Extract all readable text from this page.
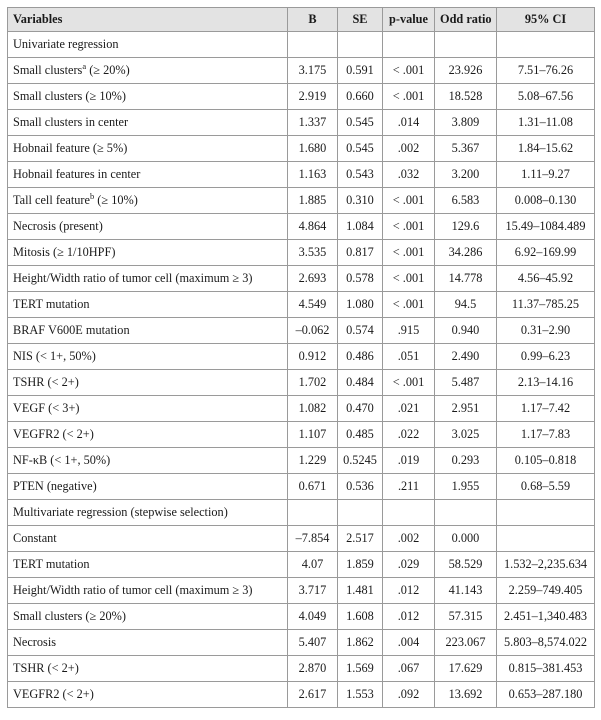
Variables	B	SE	p-value	Odd ratio	95% CI
Univariate regression					
Small clusters$^a$ (≥ 20%)	3.175	0.591	< .001	23.926	7.51–76.26
Small clusters (≥ 10%)	2.919	0.660	< .001	18.528	5.08–67.56
Small clusters in center	1.337	0.545	.014	3.809	1.31–11.08
Hobnail feature (≥ 5%)	1.680	0.545	.002	5.367	1.84–15.62
Hobnail features in center	1.163	0.543	.032	3.200	1.11–9.27
Tall cell feature$^b$ (≥ 10%)	1.885	0.310	< .001	6.583	0.008–0.130
Necrosis (present)	4.864	1.084	< .001	129.6	15.49–1084.489
Mitosis (≥ 1/10HPF)	3.535	0.817	< .001	34.286	6.92–169.99
Height/Width ratio of tumor cell (maximum ≥ 3)	2.693	0.578	< .001	14.778	4.56–45.92
TERT mutation	4.549	1.080	< .001	94.5	11.37–785.25
BRAF V600E mutation	–0.062	0.574	.915	0.940	0.31–2.90
NIS (< 1+, 50%)	0.912	0.486	.051	2.490	0.99–6.23
TSHR (< 2+)	1.702	0.484	< .001	5.487	2.13–14.16
VEGF (< 3+)	1.082	0.470	.021	2.951	1.17–7.42
VEGFR2 (< 2+)	1.107	0.485	.022	3.025	1.17–7.83
NF-κB (< 1+, 50%)	1.229	0.5245	.019	0.293	0.105–0.818
PTEN (negative)	0.671	0.536	.211	1.955	0.68–5.59
Multivariate regression (stepwise selection)					
Constant	–7.854	2.517	.002	0.000	
TERT mutation	4.07	1.859	.029	58.529	1.532–2,235.634
Height/Width ratio of tumor cell (maximum ≥ 3)	3.717	1.481	.012	41.143	2.259–749.405
Small clusters (≥ 20%)	4.049	1.608	.012	57.315	2.451–1,340.483
Necrosis	5.407	1.862	.004	223.067	5.803–8,574.022
TSHR (< 2+)	2.870	1.569	.067	17.629	0.815–381.453
VEGFR2 (< 2+)	2.617	1.553	.092	13.692	0.653–287.180
